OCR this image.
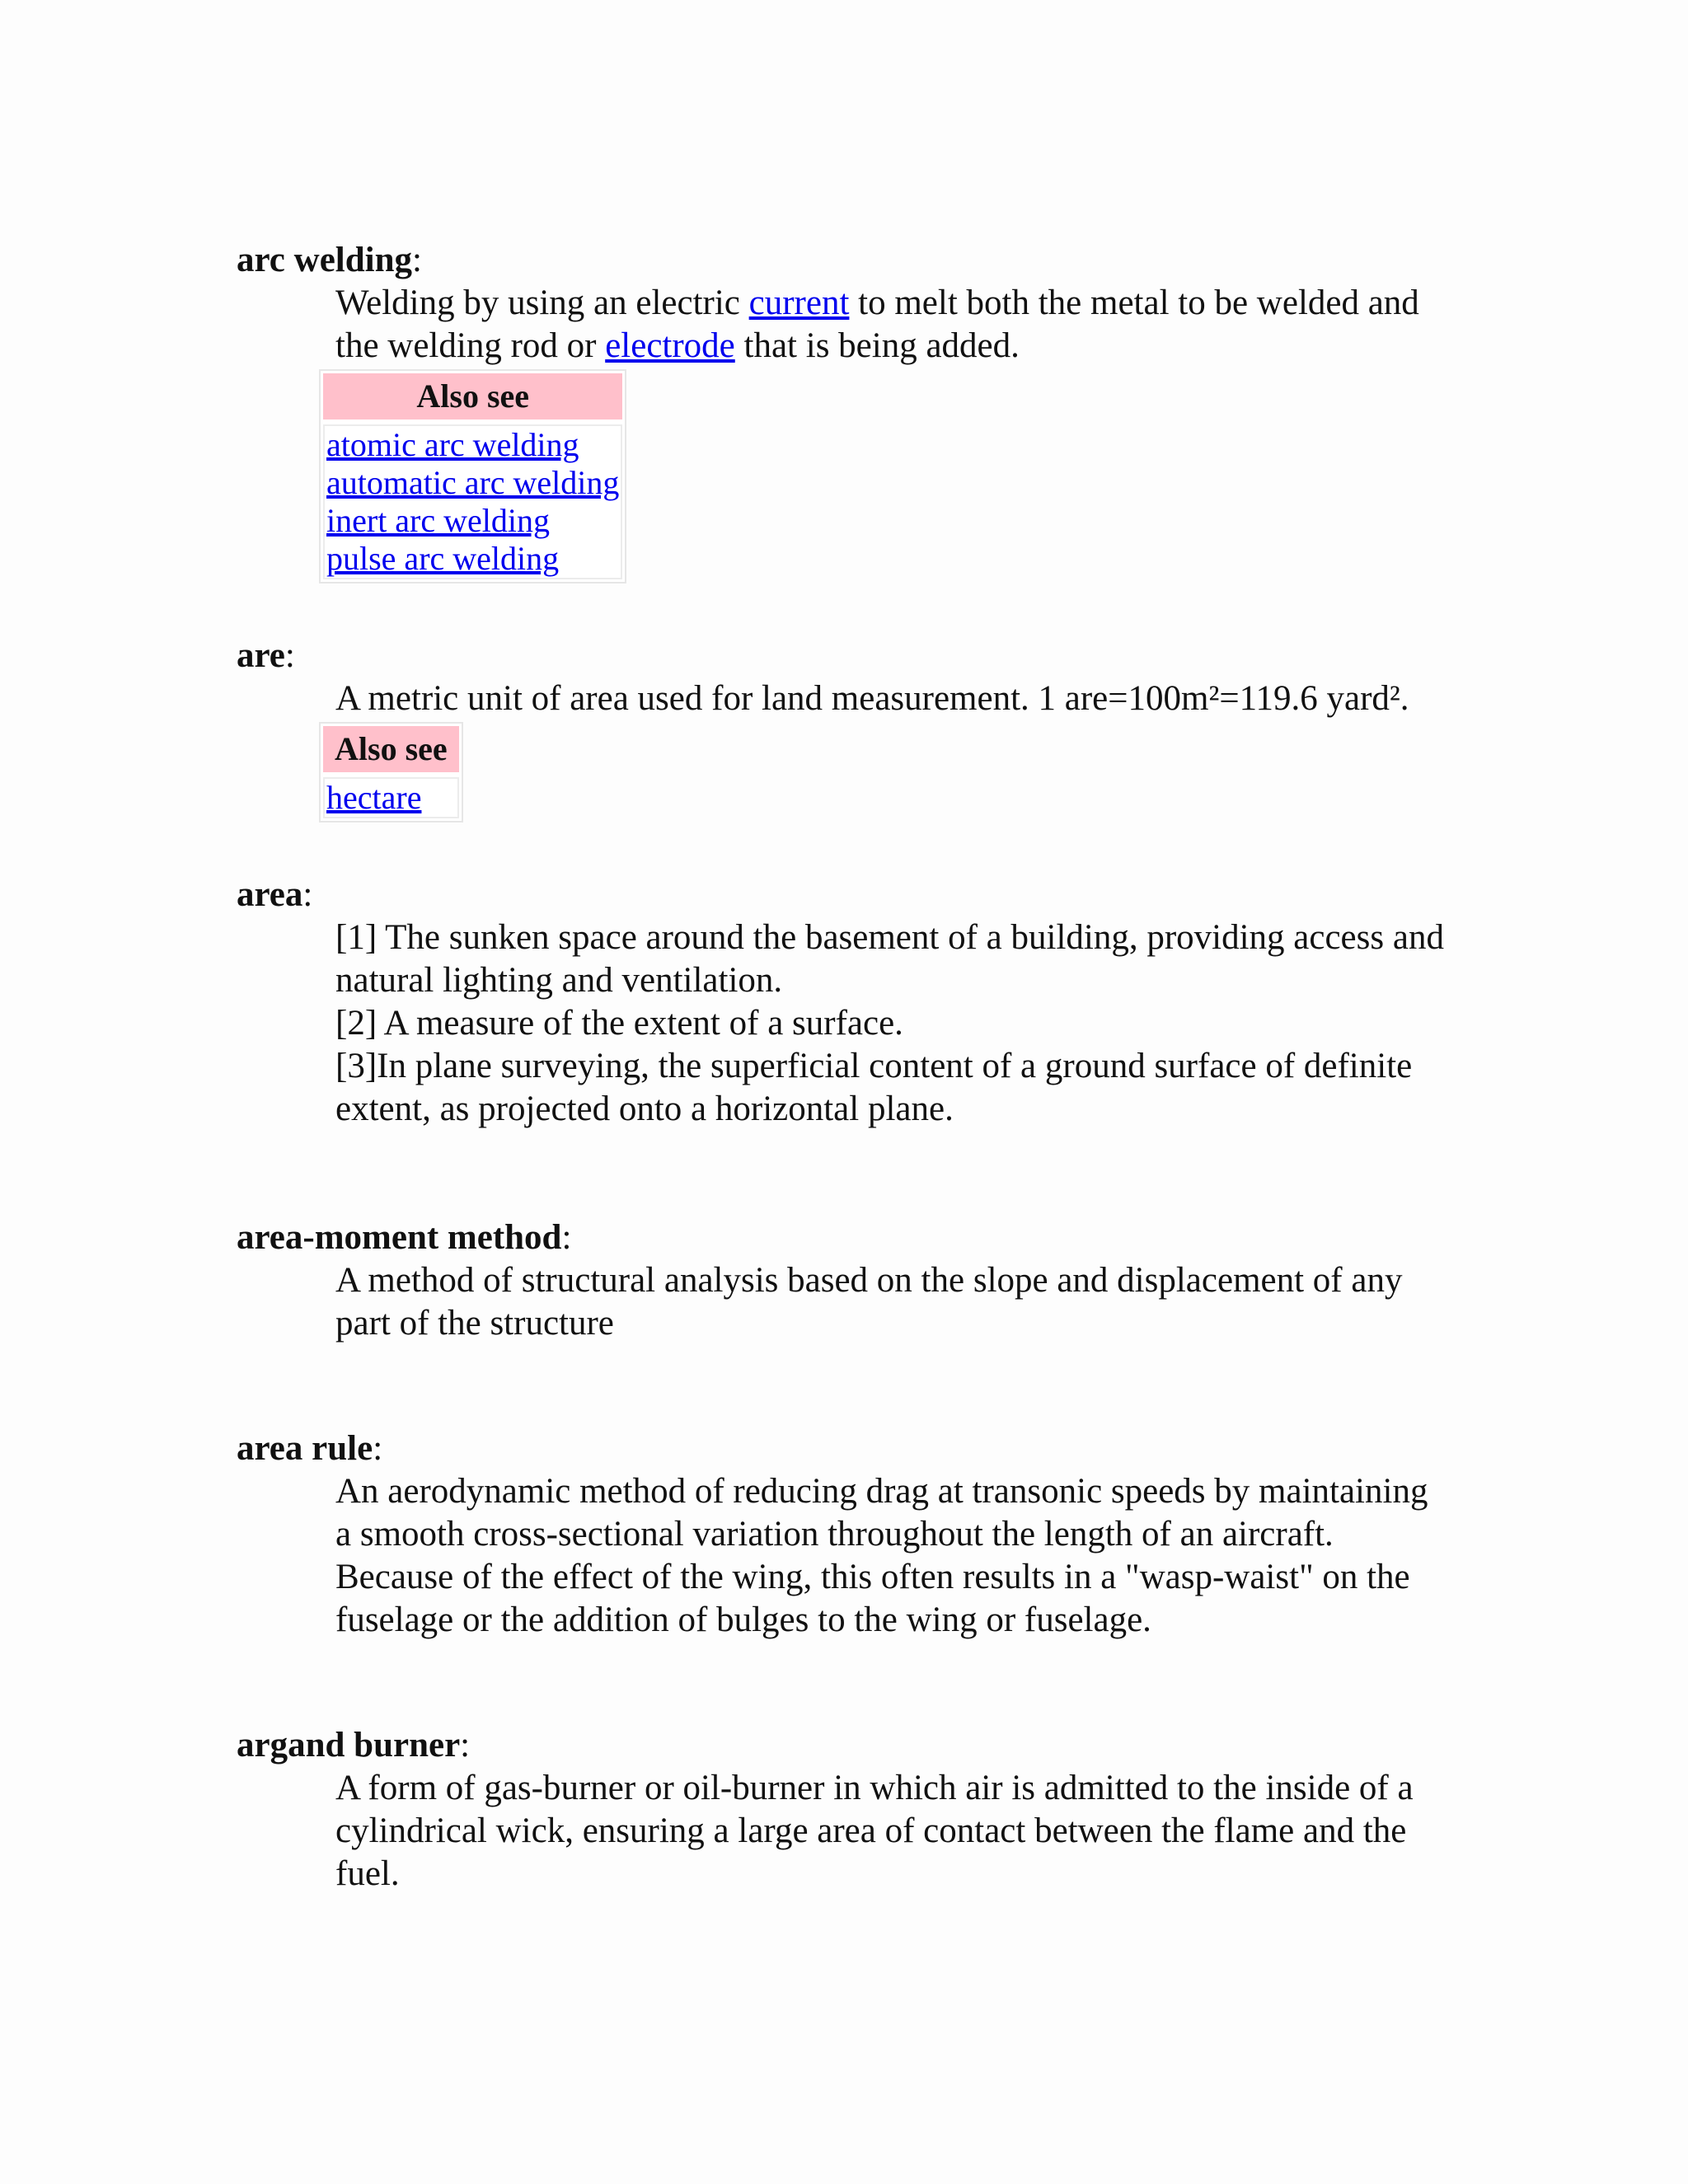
arc welding:
Welding by using an electric current to melt both the metal to be welded and the welding rod or electrode that is being added.
Also see
atomic arc welding
automatic arc welding
inert arc welding
pulse arc welding
are:
A metric unit of area used for land measurement. 1 are=100m²=119.6 yard².
Also see
hectare
area:
[1] The sunken space around the basement of a building, providing access and natural lighting and ventilation.
[2] A measure of the extent of a surface.
[3]In plane surveying, the superficial content of a ground surface of definite extent, as projected onto a horizontal plane.
area-moment method:
A method of structural analysis based on the slope and displacement of any part of the structure
area rule:
An aerodynamic method of reducing drag at transonic speeds by maintaining a smooth cross-sectional variation throughout the length of an aircraft. Because of the effect of the wing, this often results in a "wasp-waist" on the fuselage or the addition of bulges to the wing or fuselage.
argand burner:
A form of gas-burner or oil-burner in which air is admitted to the inside of a cylindrical wick, ensuring a large area of contact between the flame and the fuel.
